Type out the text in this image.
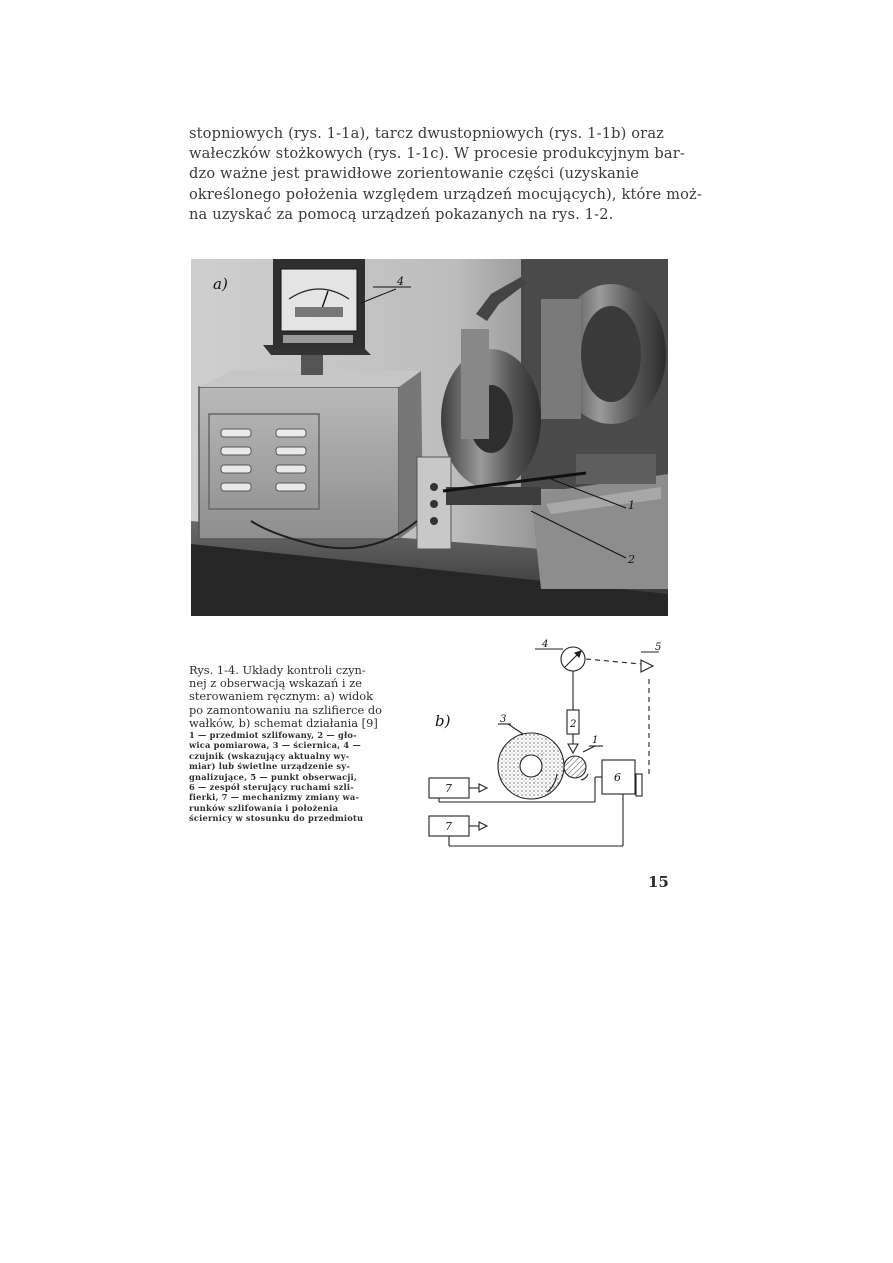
stopniowych (rys. 1-1a), tarcz dwustopniowych (rys. 1-1b) oraz
wałeczków stożkowych (rys. 1-1c). W procesie produkcyjnym bar-
dzo ważne jest prawidłowe zorientowanie części (uzyskanie
określonego położenia względem urządzeń mocujących), które moż-
na uzyskać za pomocą urządzeń pokazanych na rys. 1-2.
a)	4
1
2
Rys. 1-4. Układy kontroli czyn-
nej z obserwacją wskazań i ze
sterowaniem ręcznym: a) widok
po zamontowaniu na szlifierce do
wałków, b) schemat działania [9]
1 — przedmiot szlifowany, 2 — gło-
wica pomiarowa, 3 — ściernica, 4 —
czujnik (wskazujący aktualny wy-
miar) lub świetlne urządzenie sy-
gnalizujące, 5 — punkt obserwacji,
6 — zespół sterujący ruchami szli-
fierki, 7 — mechanizmy zmiany wa-
runków szlifowania i położenia
ściernicy w stosunku do przedmiotu
b)
4	5
2
3
1
6
7
7
15
